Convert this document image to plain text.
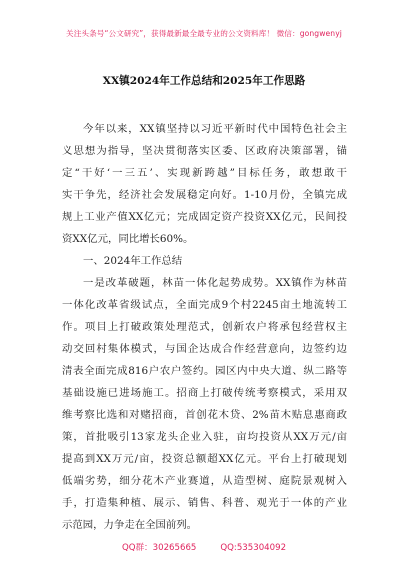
关注头条号“公文研究”，获得最新最全最专业的公文资料库！ 微信：gongwenyj
XX镇2024年工作总结和2025年工作思路
今年以来，XX镇坚持以习近平新时代中国特色社会主
义思想为指导，坚决贯彻落实区委、区政府决策部署，锚
定“干好‘一三五’、实现新跨越”目标任务，敢想敢干
实干争先，经济社会发展稳定向好。1-10月份，全镇完成
规上工业产值XX亿元；完成固定资产投资XX亿元，民间投
资XX亿元，同比增长60%。
一、2024年工作总结
一是改革破题，林苗一体化起势成势。XX镇作为林苗
一体化改革省级试点，全面完成9个村2245亩土地流转工
作。项目上打破政策处理范式，创新农户将承包经营权主
动交回村集体模式，与国企达成合作经营意向，边签约边
清表全面完成816户农户签约。园区内中央大道、纵二路等
基础设施已进场施工。招商上打破传统考察模式，采用双
维考察比选和对赌招商，首创花木贷、2%苗木贴息惠商政
策，首批吸引13家龙头企业入驻，亩均投资从XX万元/亩
提高到XX万元/亩，投资总额超XX亿元。平台上打破现划
低端劣势，细分花木产业赛道，从造型树、庭院景观树入
手，打造集种植、展示、销售、科普、观光于一体的产业
示范园，力争走在全国前列。
QQ群：30265665	QQ:535304092
